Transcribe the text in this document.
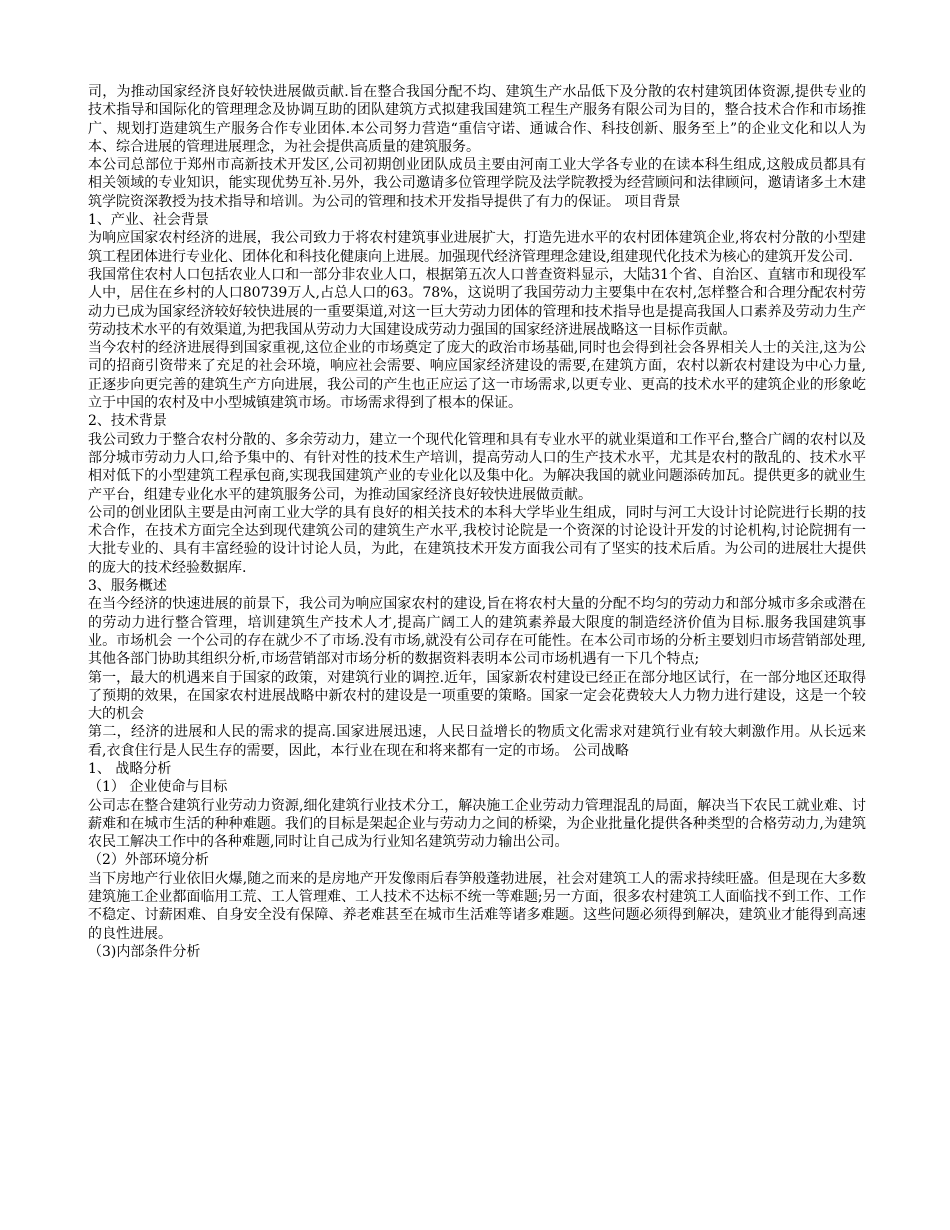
司，为推动国家经济良好较快进展做贡献.旨在整合我国分配不均、建筑生产水品低下及分散的农村建筑团体资源,提供专业的技术指导和国际化的管理理念及协调互助的团队建筑方式拟建我国建筑工程生产服务有限公司为目的，整合技术合作和市场推广、规划打造建筑生产服务合作专业团体.本公司努力营造“重信守诺、通诚合作、科技创新、服务至上”的企业文化和以人为本、综合进展的管理进展理念，为社会提供高质量的建筑服务。

本公司总部位于郑州市高新技术开发区,公司初期创业团队成员主要由河南工业大学各专业的在读本科生组成,这般成员都具有相关领域的专业知识，能实现优势互补.另外，我公司邀请多位管理学院及法学院教授为经营顾问和法律顾问，邀请诸多土木建筑学院资深教授为技术指导和培训。为公司的管理和技术开发指导提供了有力的保证。 项目背景

1、产业、社会背景

为响应国家农村经济的进展，我公司致力于将农村建筑事业进展扩大，打造先进水平的农村团体建筑企业,将农村分散的小型建筑工程团体进行专业化、团体化和科技化健康向上进展。加强现代经济管理理念建设,组建现代化技术为核心的建筑开发公司.

我国常住农村人口包括农业人口和一部分非农业人口，根据第五次人口普查资料显示，大陆31个省、自治区、直辖市和现役军人中，居住在乡村的人口80739万人,占总人口的63。78%，这说明了我国劳动力主要集中在农村,怎样整合和合理分配农村劳动力已成为国家经济较好较快进展的一重要渠道,对这一巨大劳动力团体的管理和技术指导也是提高我国人口素养及劳动力生产劳动技术水平的有效渠道,为把我国从劳动力大国建设成劳动力强国的国家经济进展战略这一目标作贡献。

当今农村的经济进展得到国家重视,这位企业的市场奠定了庞大的政治市场基础,同时也会得到社会各界相关人士的关注,这为公司的招商引资带来了充足的社会环境，响应社会需要、响应国家经济建设的需要,在建筑方面，农村以新农村建设为中心力量,正逐步向更完善的建筑生产方向进展，我公司的产生也正应运了这一市场需求,以更专业、更高的技术水平的建筑企业的形象屹立于中国的农村及中小型城镇建筑市场。市场需求得到了根本的保证。

2、技术背景

我公司致力于整合农村分散的、多余劳动力，建立一个现代化管理和具有专业水平的就业渠道和工作平台,整合广阔的农村以及部分城市劳动力人口,给予集中的、有针对性的技术生产培训，提高劳动人口的生产技术水平，尤其是农村的散乱的、技术水平相对低下的小型建筑工程承包商,实现我国建筑产业的专业化以及集中化。为解决我国的就业问题添砖加瓦。提供更多的就业生产平台，组建专业化水平的建筑服务公司，为推动国家经济良好较快进展做贡献。

公司的创业团队主要是由河南工业大学的具有良好的相关技术的本科大学毕业生组成，同时与河工大设计讨论院进行长期的技术合作，在技术方面完全达到现代建筑公司的建筑生产水平,我校讨论院是一个资深的讨论设计开发的讨论机构,讨论院拥有一大批专业的、具有丰富经验的设计讨论人员，为此，在建筑技术开发方面我公司有了坚实的技术后盾。为公司的进展壮大提供的庞大的技术经验数据库.

3、服务概述

在当今经济的快速进展的前景下，我公司为响应国家农村的建设,旨在将农村大量的分配不均匀的劳动力和部分城市多余或潜在的劳动力进行整合管理，培训建筑生产技术人才,提高广阔工人的建筑素养最大限度的制造经济价值为目标.服务我国建筑事业。市场机会 一个公司的存在就少不了市场.没有市场,就没有公司存在可能性。在本公司市场的分析主要划归市场营销部处理,其他各部门协助其组织分析,市场营销部对市场分析的数据资料表明本公司市场机遇有一下几个特点;

第一，最大的机遇来自于国家的政策，对建筑行业的调控.近年，国家新农村建设已经正在部分地区试行，在一部分地区还取得了预期的效果，在国家农村进展战略中新农村的建设是一项重要的策略。国家一定会花费较大人力物力进行建设，这是一个较大的机会

第二，经济的进展和人民的需求的提高.国家进展迅速，人民日益增长的物质文化需求对建筑行业有较大刺激作用。从长远来看,衣食住行是人民生存的需要，因此，本行业在现在和将来都有一定的市场。 公司战略

1、 战略分析

（1） 企业使命与目标

公司志在整合建筑行业劳动力资源,细化建筑行业技术分工，解决施工企业劳动力管理混乱的局面，解决当下农民工就业难、讨薪难和在城市生活的种种难题。我们的目标是架起企业与劳动力之间的桥梁，为企业批量化提供各种类型的合格劳动力,为建筑农民工解决工作中的各种难题,同时让自己成为行业知名建筑劳动力输出公司。

（2）外部环境分析

当下房地产行业依旧火爆,随之而来的是房地产开发像雨后春笋般蓬勃进展，社会对建筑工人的需求持续旺盛。但是现在大多数建筑施工企业都面临用工荒、工人管理难、工人技术不达标不统一等难题;另一方面，很多农村建筑工人面临找不到工作、工作不稳定、讨薪困难、自身安全没有保障、养老难甚至在城市生活难等诸多难题。这些问题必须得到解决，建筑业才能得到高速的良性进展。

（3)内部条件分析
